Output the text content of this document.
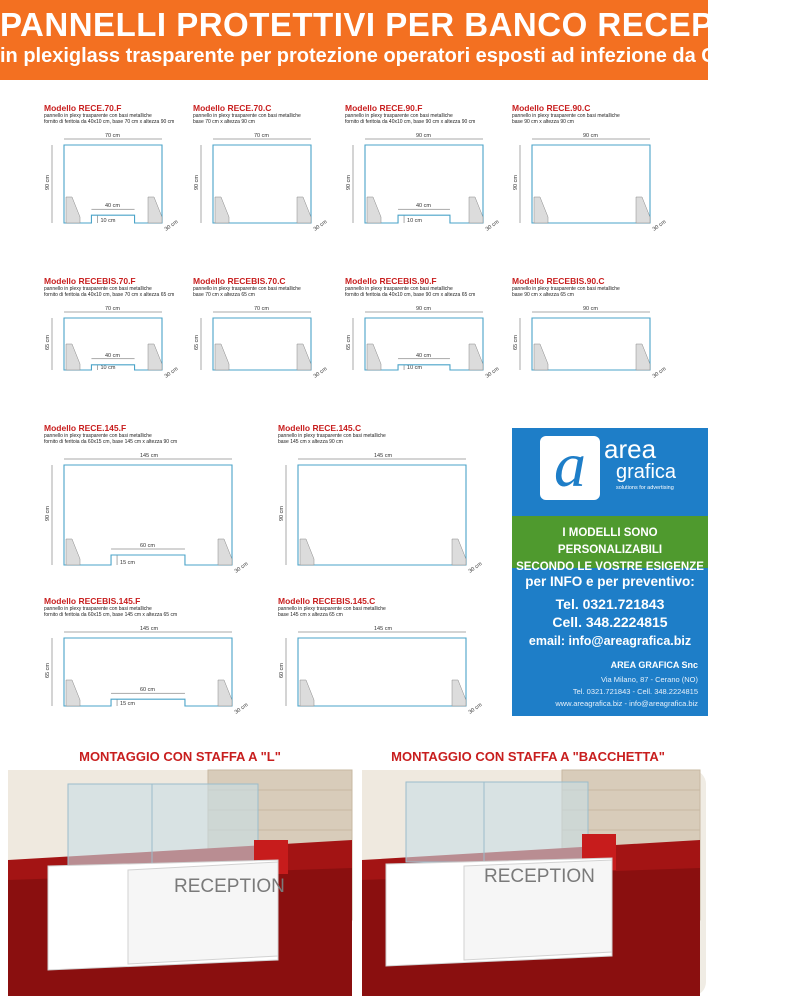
PANNELLI PROTETTIVI PER BANCO RECEPTION
in plexiglass trasparente per protezione operatori esposti ad infezione da COVID19
Modello RECE.70.F
pannello in plexy trasparente con basi metalliche
fornito di feritoia da 40x10 cm, base 70 cm x altezza 90 cm
40 cm
10 cm
70 cm
90 cm
30 cm
Modello RECE.70.C
pannello in plexy trasparente con basi metalliche
base 70 cm x altezza 90 cm
70 cm
90 cm
30 cm
Modello RECE.90.F
pannello in plexy trasparente con basi metalliche
fornito di feritoia da 40x10 cm, base 90 cm x altezza 90 cm
40 cm
10 cm
90 cm
90 cm
30 cm
Modello RECE.90.C
pannello in plexy trasparente con basi metalliche
base 90 cm x altezza 90 cm
90 cm
90 cm
30 cm
Modello RECEBIS.70.F
pannello in plexy trasparente con basi metalliche
fornito di feritoia da 40x10 cm, base 70 cm x altezza 65 cm
40 cm
10 cm
70 cm
65 cm
30 cm
Modello RECEBIS.70.C
pannello in plexy trasparente con basi metalliche
base 70 cm x altezza 65 cm
70 cm
65 cm
30 cm
Modello RECEBIS.90.F
pannello in plexy trasparente con basi metalliche
fornito di feritoia da 40x10 cm, base 90 cm x altezza 65 cm
40 cm
10 cm
90 cm
65 cm
30 cm
Modello RECEBIS.90.C
pannello in plexy trasparente con basi metalliche
base 90 cm x altezza 65 cm
90 cm
65 cm
30 cm
Modello RECE.145.F
pannello in plexy trasparente con basi metalliche
fornito di feritoia da 60x15 cm, base 145 cm x altezza 90 cm
60 cm
15 cm
145 cm
90 cm
30 cm
Modello RECE.145.C
pannello in plexy trasparente con basi metalliche
base 145 cm x altezza 90 cm
145 cm
90 cm
30 cm
Modello RECEBIS.145.F
pannello in plexy trasparente con basi metalliche
fornito di feritoia da 60x15 cm, base 145 cm x altezza 65 cm
60 cm
15 cm
145 cm
65 cm
30 cm
Modello RECEBIS.145.C
pannello in plexy trasparente con basi metalliche
base 145 cm x altezza 65 cm
145 cm
60 cm
30 cm
a area
grafica
solutions for advertising
I MODELLI SONO PERSONALIZABILI
SECONDO LE VOSTRE ESIGENZE
per INFO e per preventivo:
Tel. 0321.721843
Cell. 348.2224815
email: info@areagrafica.biz
AREA GRAFICA Snc
Via Milano, 87 - Cerano (NO)
Tel. 0321.721843 - Cell. 348.2224815
www.areagrafica.biz - info@areagrafica.biz
MONTAGGIO CON STAFFA A "L"	MONTAGGIO CON STAFFA A "BACCHETTA"
RECEPTION	RECEPTION
